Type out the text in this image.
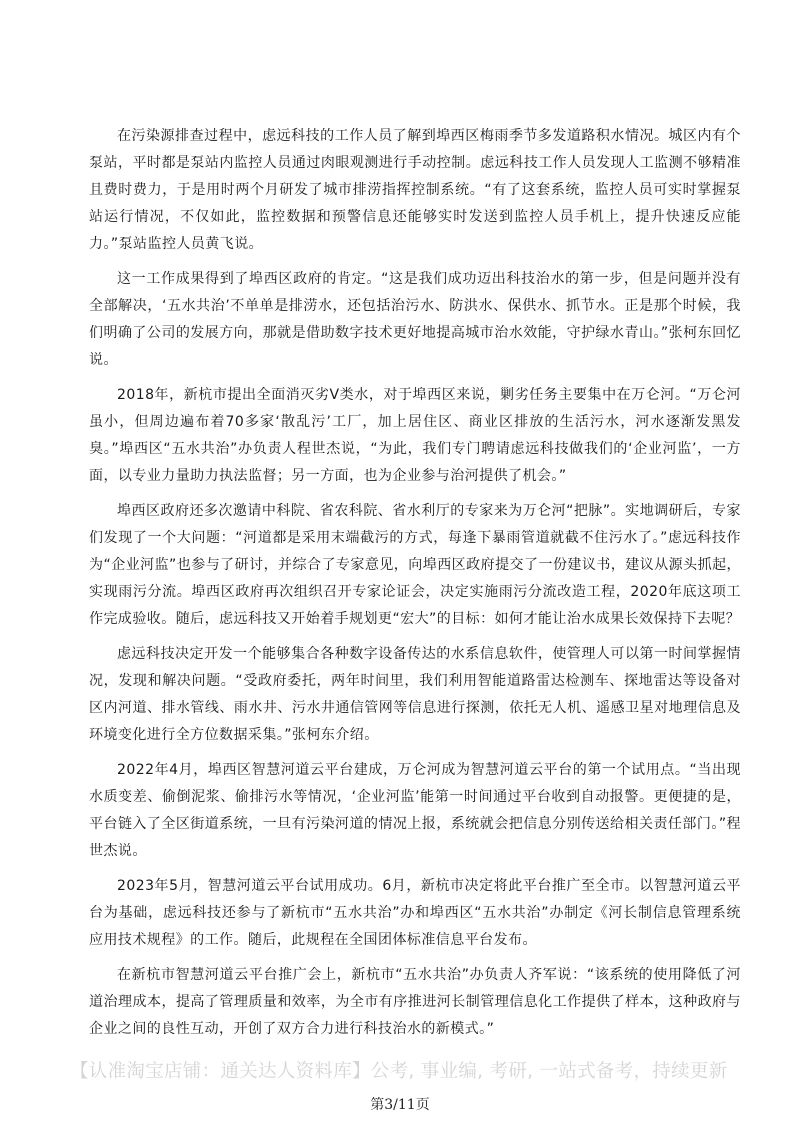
在污染源排查过程中，虑远科技的工作人员了解到埠西区梅雨季节多发道路积水情况。城区内有个泵站，平时都是泵站内监控人员通过肉眼观测进行手动控制。虑远科技工作人员发现人工监测不够精准且费时费力，于是用时两个月研发了城市排涝指挥控制系统。“有了这套系统，监控人员可实时掌握泵站运行情况，不仅如此，监控数据和预警信息还能够实时发送到监控人员手机上，提升快速反应能力。”泵站监控人员黄飞说。

这一工作成果得到了埠西区政府的肯定。“这是我们成功迈出科技治水的第一步，但是问题并没有全部解决，‘五水共治’不单单是排涝水，还包括治污水、防洪水、保供水、抓节水。正是那个时候，我们明确了公司的发展方向，那就是借助数字技术更好地提高城市治水效能，守护绿水青山。”张柯东回忆说。

2018年，新杭市提出全面消灭劣V类水，对于埠西区来说，剿劣任务主要集中在万仑河。“万仑河虽小，但周边遍布着70多家‘散乱污’工厂，加上居住区、商业区排放的生活污水，河水逐渐发黑发臭。”埠西区“五水共治”办负责人程世杰说，“为此，我们专门聘请虑远科技做我们的‘企业河监’，一方面，以专业力量助力执法监督；另一方面，也为企业参与治河提供了机会。”

埠西区政府还多次邀请中科院、省农科院、省水利厅的专家来为万仑河“把脉”。实地调研后，专家们发现了一个大问题：“河道都是采用末端截污的方式，每逢下暴雨管道就截不住污水了。”虑远科技作为“企业河监”也参与了研讨，并综合了专家意见，向埠西区政府提交了一份建议书，建议从源头抓起，实现雨污分流。埠西区政府再次组织召开专家论证会，决定实施雨污分流改造工程，2020年底这项工作完成验收。随后，虑远科技又开始着手规划更“宏大”的目标：如何才能让治水成果长效保持下去呢？

虑远科技决定开发一个能够集合各种数字设备传达的水系信息软件，使管理人可以第一时间掌握情况，发现和解决问题。“受政府委托，两年时间里，我们利用智能道路雷达检测车、探地雷达等设备对区内河道、排水管线、雨水井、污水井通信管网等信息进行探测，依托无人机、遥感卫星对地理信息及环境变化进行全方位数据采集。”张柯东介绍。

2022年4月，埠西区智慧河道云平台建成，万仑河成为智慧河道云平台的第一个试用点。“当出现水质变差、偷倒泥浆、偷排污水等情况，‘企业河监’能第一时间通过平台收到自动报警。更便捷的是，平台链入了全区街道系统，一旦有污染河道的情况上报，系统就会把信息分别传送给相关责任部门。”程世杰说。

2023年5月，智慧河道云平台试用成功。6月，新杭市决定将此平台推广至全市。以智慧河道云平台为基础，虑远科技还参与了新杭市“五水共治”办和埠西区“五水共治”办制定《河长制信息管理系统应用技术规程》的工作。随后，此规程在全国团体标准信息平台发布。

在新杭市智慧河道云平台推广会上，新杭市“五水共治”办负责人齐军说：“该系统的使用降低了河道治理成本，提高了管理质量和效率，为全市有序推进河长制管理信息化工作提供了样本，这种政府与企业之间的良性互动，开创了双方合力进行科技治水的新模式。”

【认准淘宝店铺：通关达人资料库】公考, 事业编, 考研, 一站式备考，持续更新
第3/11页
